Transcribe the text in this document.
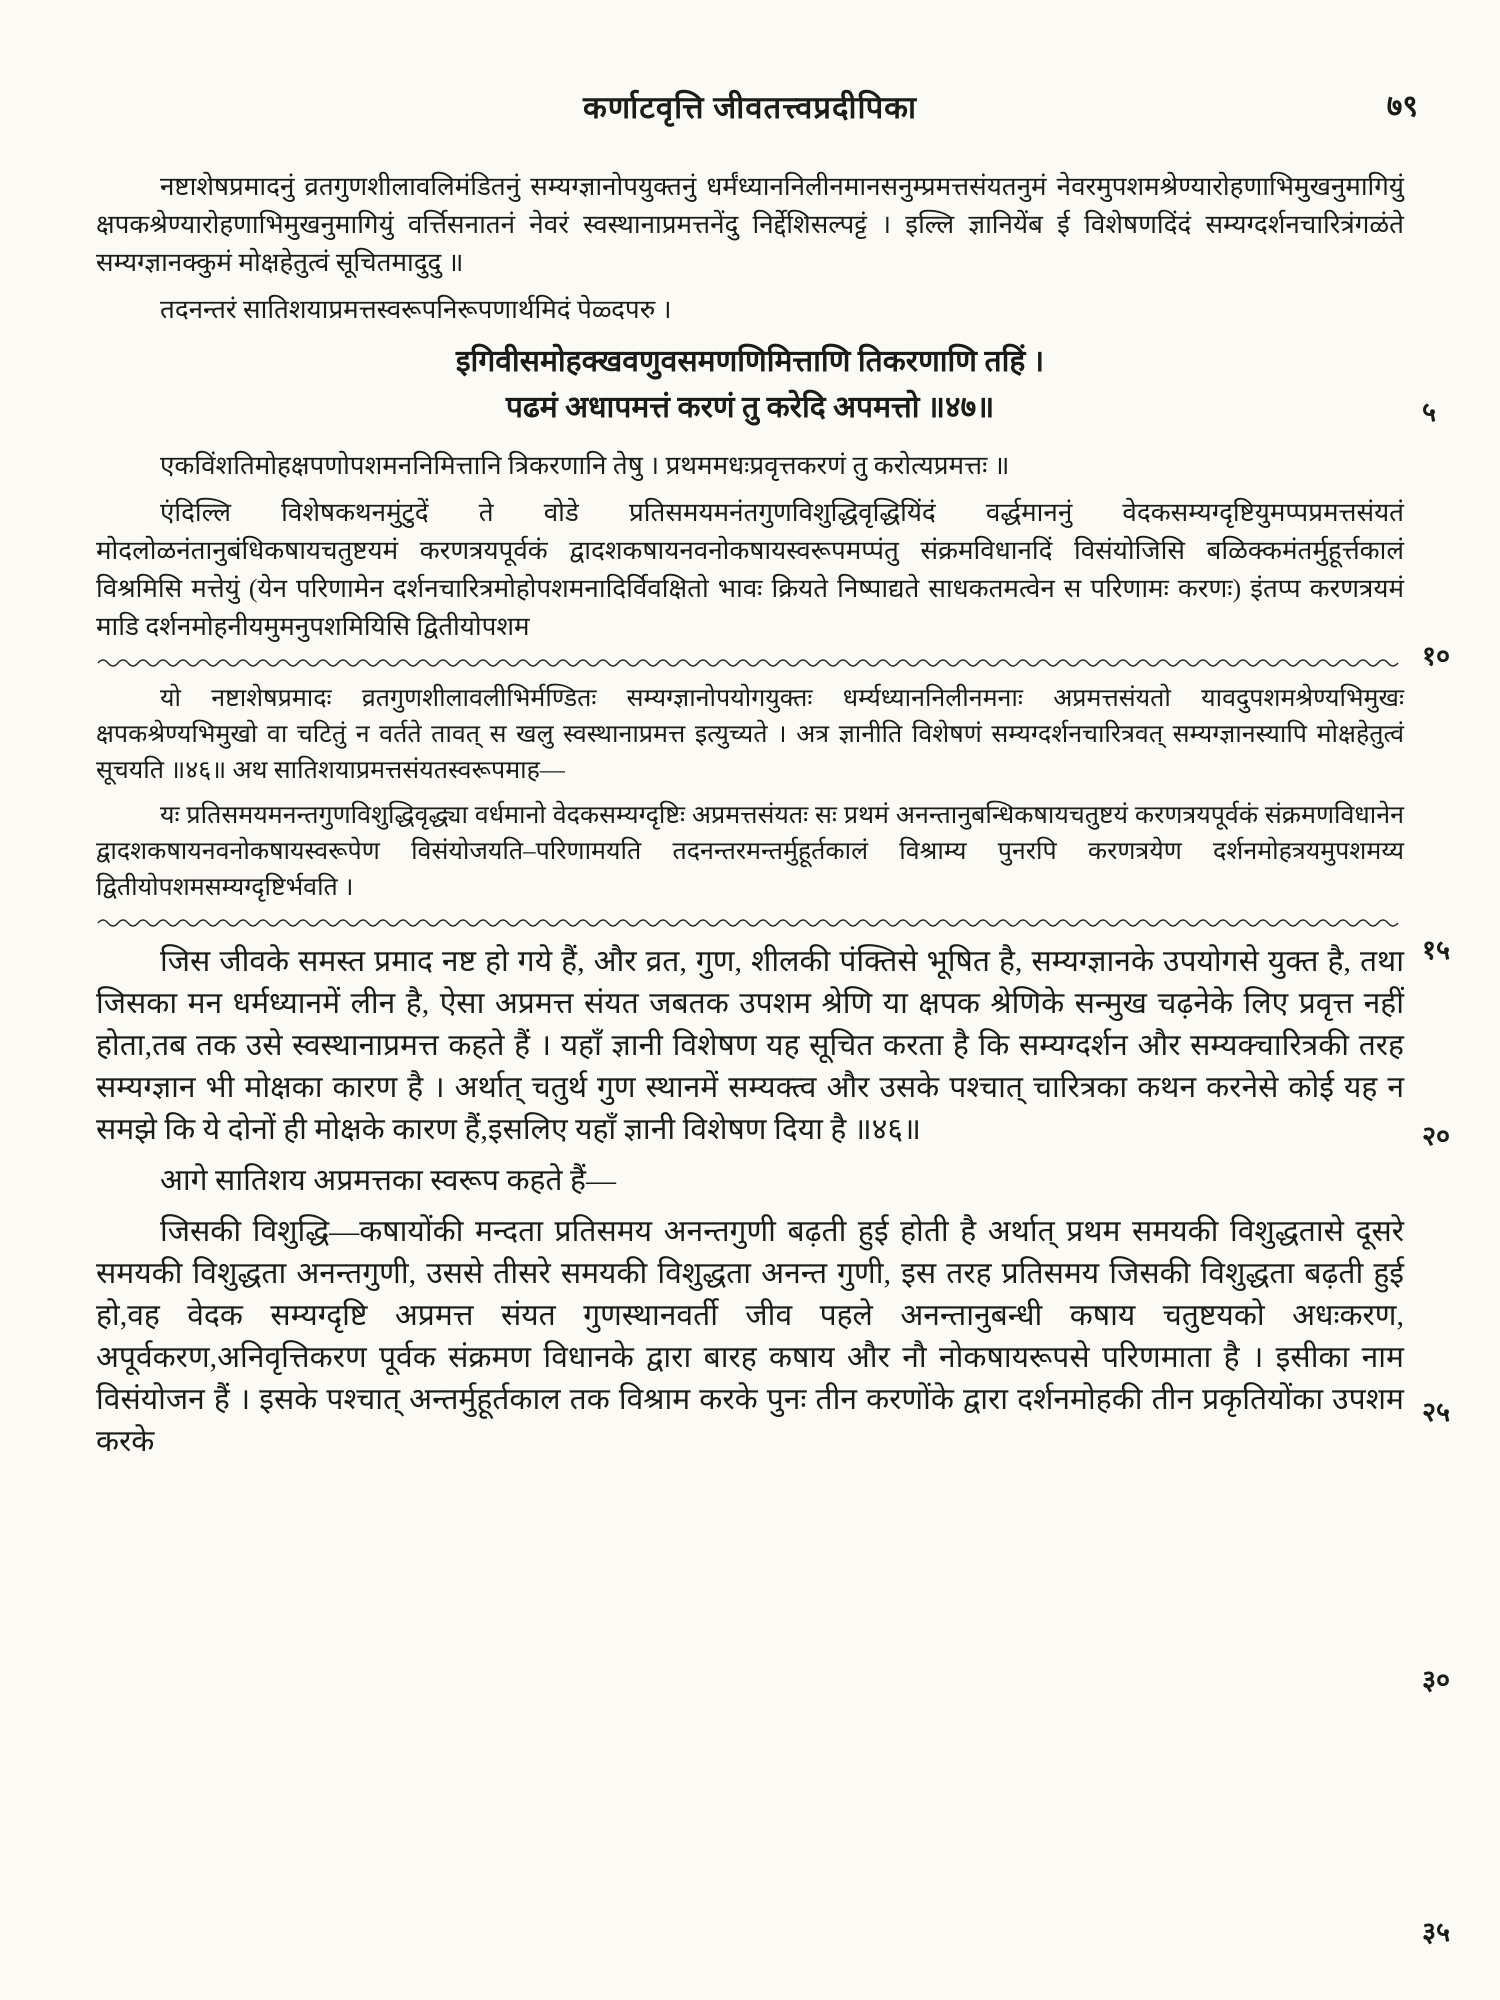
कर्णाटवृत्ति जीवतत्त्वप्रदीपिका	७९

नष्टाशेषप्रमादनुं व्रतगुणशीलावलिमंडितनुं सम्यग्ज्ञानोपयुक्तनुं धर्मंध्याननिलीनमानसनुम्प्रमत्तसंयतनुमं नेवरमुपशमश्रेण्यारोहणाभिमुखनुमागियुं क्षपकश्रेण्यारोहणाभिमुखनुमागियुं वर्त्तिसनातनं नेवरं स्वस्थानाप्रमत्तनेंदु निर्द्देशिसल्पट्टं । इल्लि ज्ञानियेंब ई विशेषणदिंदं सम्यग्दर्शनचारित्रंगळंते सम्यग्ज्ञानक्कुमं मोक्षहेतुत्वं सूचितमादुदु ॥

तदनन्तरं सातिशयाप्रमत्तस्वरूपनिरूपणार्थमिदं पेळ्दपरु ।

इगिवीसमोहक्खवणुवसमणणिमित्ताणि तिकरणाणि तहिं ।
पढमं अधापमत्तं करणं तु करेदि अपमत्तो ॥४७॥

एकविंशतिमोहक्षपणोपशमननिमित्तानि त्रिकरणानि तेषु । प्रथममधःप्रवृत्तकरणं तु करोत्यप्रमत्तः ॥

एंदिल्लि विशेषकथनमुंटुदें ते वोडे प्रतिसमयमनंतगुणविशुद्धिवृद्धियिंदं वर्द्धमाननुं वेदकसम्यग्दृष्टियुमप्पप्रमत्तसंयतं मोदलोळनंतानुबंधिकषायचतुष्टयमं करणत्रयपूर्वकं द्वादशकषायनवनोकषायस्वरूपमप्पंतु संक्रमविधानदिं विसंयोजिसि बळिक्कमंतर्मुहूर्त्तकालं विश्रमिसि मत्तेयुं (येन परिणामेन दर्शनचारित्रमोहोपशमनादिर्विवक्षितो भावः क्रियते निष्पाद्यते साधकतमत्वेन स परिणामः करणः) इंतप्प करणत्रयमं माडि दर्शनमोहनीयमुमनुपशमियिसि द्वितीयोपशम

यो नष्टाशेषप्रमादः व्रतगुणशीलावलीभिर्मण्डितः सम्यग्ज्ञानोपयोगयुक्तः धर्म्यध्याननिलीनमनाः अप्रमत्तसंयतो यावदुपशमश्रेण्यभिमुखः क्षपकश्रेण्यभिमुखो वा चटितुं न वर्तते तावत् स खलु स्वस्थानाप्रमत्त इत्युच्यते । अत्र ज्ञानीति विशेषणं सम्यग्दर्शनचारित्रवत् सम्यग्ज्ञानस्यापि मोक्षहेतुत्वं सूचयति ॥४६॥ अथ सातिशयाप्रमत्तसंयतस्वरूपमाह—

यः प्रतिसमयमनन्तगुणविशुद्धिवृद्ध्या वर्धमानो वेदकसम्यग्दृष्टिः अप्रमत्तसंयतः सः प्रथमं अनन्तानुबन्धिकषायचतुष्टयं करणत्रयपूर्वकं संक्रमणविधानेन द्वादशकषायनवनोकषायस्वरूपेण विसंयोजयति–परिणामयति तदनन्तरमन्तर्मुहूर्तकालं विश्राम्य पुनरपि करणत्रयेण दर्शनमोहत्रयमुपशमय्य द्वितीयोपशमसम्यग्दृष्टिर्भवति ।

जिस जीवके समस्त प्रमाद नष्ट हो गये हैं, और व्रत, गुण, शीलकी पंक्तिसे भूषित है, सम्यग्ज्ञानके उपयोगसे युक्त है, तथा जिसका मन धर्मध्यानमें लीन है, ऐसा अप्रमत्त संयत जबतक उपशम श्रेणि या क्षपक श्रेणिके सन्मुख चढ़नेके लिए प्रवृत्त नहीं होता,तब तक उसे स्वस्थानाप्रमत्त कहते हैं । यहाँ ज्ञानी विशेषण यह सूचित करता है कि सम्यग्दर्शन और सम्यक्चारित्रकी तरह सम्यग्ज्ञान भी मोक्षका कारण है । अर्थात् चतुर्थ गुण स्थानमें सम्यक्त्व और उसके पश्चात् चारित्रका कथन करनेसे कोई यह न समझे कि ये दोनों ही मोक्षके कारण हैं,इसलिए यहाँ ज्ञानी विशेषण दिया है ॥४६॥

आगे सातिशय अप्रमत्तका स्वरूप कहते हैं—

जिसकी विशुद्धि—कषायोंकी मन्दता प्रतिसमय अनन्तगुणी बढ़ती हुई होती है अर्थात् प्रथम समयकी विशुद्धतासे दूसरे समयकी विशुद्धता अनन्तगुणी, उससे तीसरे समयकी विशुद्धता अनन्त गुणी, इस तरह प्रतिसमय जिसकी विशुद्धता बढ़ती हुई हो,वह वेदक सम्यग्दृष्टि अप्रमत्त संयत गुणस्थानवर्ती जीव पहले अनन्तानुबन्धी कषाय चतुष्टयको अधःकरण, अपूर्वकरण,अनिवृत्तिकरण पूर्वक संक्रमण विधानके द्वारा बारह कषाय और नौ नोकषायरूपसे परिणमाता है । इसीका नाम विसंयोजन हैं । इसके पश्चात् अन्तर्मुहूर्तकाल तक विश्राम करके पुनः तीन करणोंके द्वारा दर्शनमोहकी तीन प्रकृतियोंका उपशम करके

५
१०
१५
२०
२५
३०
३५
